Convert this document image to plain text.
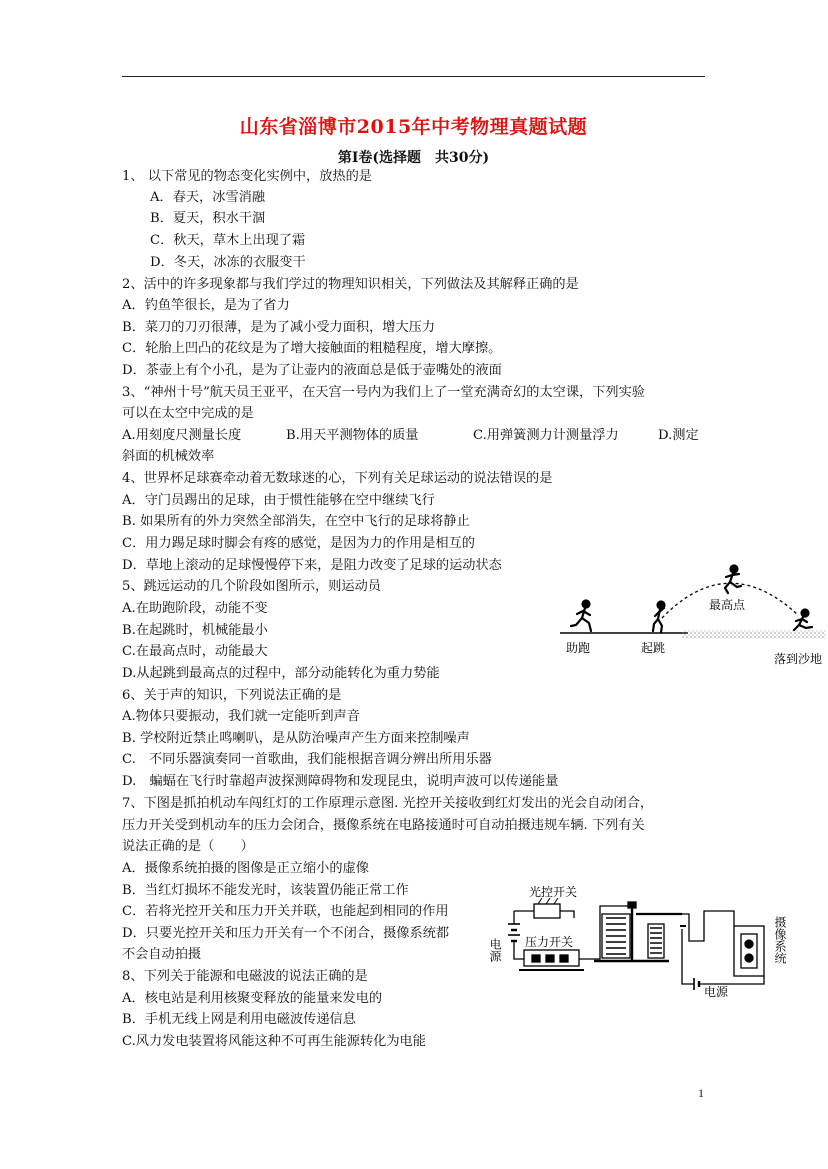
山东省淄博市2015年中考物理真题试题
第Ⅰ卷(选择题　共30分)
1、 以下常见的物态变化实例中，放热的是
A．春天，冰雪消融
B．夏天，积水干涸
C．秋天，草木上出现了霜
D．冬天，冰冻的衣服变干
2、活中的许多现象都与我们学过的物理知识相关，下列做法及其解释正确的是
A．钓鱼竿很长，是为了省力
B．菜刀的刀刃很薄，是为了减小受力面积，增大压力
C．轮胎上凹凸的花纹是为了增大接触面的粗糙程度，增大摩擦。
D．茶壶上有个小孔，是为了让壶内的液面总是低于壶嘴处的液面
3、“神州十号”航天员王亚平，在天宫一号内为我们上了一堂充满奇幻的太空课，下列实验
可以在太空中完成的是
A.用刻度尺测量长度	B.用天平测物体的质量	C.用弹簧测力计测量浮力	D.测定
斜面的机械效率
4、世界杯足球赛牵动着无数球迷的心，下列有关足球运动的说法错误的是
A．守门员踢出的足球，由于惯性能够在空中继续飞行
B. 如果所有的外力突然全部消失，在空中飞行的足球将静止
C．用力踢足球时脚会有疼的感觉，是因为力的作用是相互的
D．草地上滚动的足球慢慢停下来，是阻力改变了足球的运动状态
5、跳远运动的几个阶段如图所示，则运动员
A.在助跑阶段，动能不变
B.在起跳时，机械能最小
C.在最高点时，动能最大
D.从起跳到最高点的过程中，部分动能转化为重力势能
助跑	起跳
最高点
落到沙地
6、关于声的知识，下列说法正确的是
A.物体只要振动，我们就一定能听到声音
B. 学校附近禁止鸣喇叭，是从防治噪声产生方面来控制噪声
C.　不同乐器演奏同一首歌曲，我们能根据音调分辨出所用乐器
D.　蝙蝠在飞行时靠超声波探测障碍物和发现昆虫，说明声波可以传递能量
7、下图是抓拍机动车闯红灯的工作原理示意图. 光控开关接收到红灯发出的光会自动闭合，
压力开关受到机动车的压力会闭合，摄像系统在电路接通时可自动拍摄违规车辆. 下列有关
说法正确的是（　　）
A．摄像系统拍摄的图像是正立缩小的虚像
B．当红灯损坏不能发光时，该装置仍能正常工作
C．若将光控开关和压力开关并联，也能起到相同的作用
D．只要光控开关和压力开关有一个不闭合，摄像系统都
不会自动拍摄
光控开关
电源 压力开关
电源
摄像系统
8、下列关于能源和电磁波的说法正确的是
A．核电站是利用核聚变释放的能量来发电的
B．手机无线上网是利用电磁波传递信息
C.风力发电装置将风能这种不可再生能源转化为电能
1
